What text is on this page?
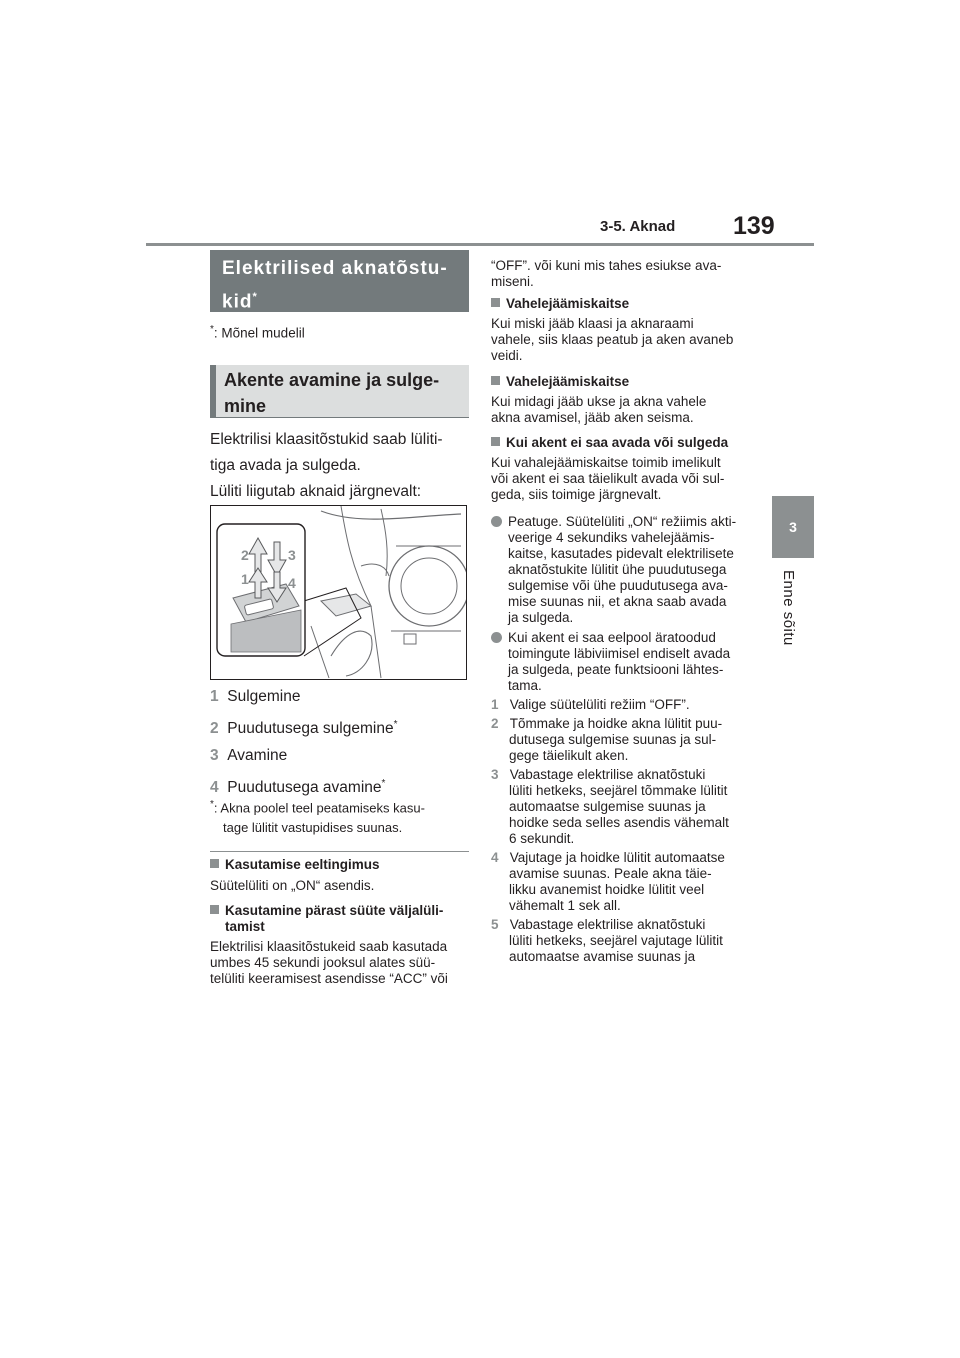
3-5. Aknad 139
3
Enne sõitu
Elektrilised aknatõstu-
kid*
*: Mõnel mudelil
Akente avamine ja sulge-
mine

Elektrilisi klaasitõstukid saab lüliti-

tiga avada ja sulgeda.

Lüliti liigutab aknaid järgnevalt:

2	3
1	4

1 Sulgemine

2 Puudutusega sulgemine*

3 Avamine

4 Puudutusega avamine*

*: Akna poolel teel peatamiseks kasu-

tage lülitit vastupidises suunas.

Kasutamise eeltingimus

Süütelüliti on „ON“ asendis.

Kasutamine pärast süüte väljalüli-

tamist

Elektrilisi klaasitõstukeid saab kasutada

umbes 45 sekundi jooksul alates süü-

telüliti keeramisest asendisse “ACC” või

“OFF”. või kuni mis tahes esiukse ava-

miseni.

Vahelejäämiskaitse

Kui miski jääb klaasi ja aknaraami

vahele, siis klaas peatub ja aken avaneb

veidi.

Vahelejäämiskaitse

Kui midagi jääb ukse ja akna vahele

akna avamisel, jääb aken seisma.

Kui akent ei saa avada või sulgeda

Kui vahalejäämiskaitse toimib imelikult

või akent ei saa täielikult avada või sul-

geda, siis toimige järgnevalt.

Peatuge. Süütelüliti „ON“ režiimis akti-

veerige 4 sekundiks vahelejäämis-

kaitse, kasutades pidevalt elektrilisete

aknatõstukite lülitit ühe puudutusega

sulgemise või ühe puudutusega ava-

mise suunas nii, et akna saab avada

ja sulgeda.

Kui akent ei saa eelpool äratoodud

toimingute läbiviimisel endiselt avada

ja sulgeda, peate funktsiooni lähtes-

tama.

1 Valige süütelüliti režiim “OFF”.

2 Tõmmake ja hoidke akna lülitit puu-

dutusega sulgemise suunas ja sul-

gege täielikult aken.

3 Vabastage elektrilise aknatõstuki

lüliti hetkeks, seejärel tõmmake lülitit

automaatse sulgemise suunas ja

hoidke seda selles asendis vähemalt

6 sekundit.

4 Vajutage ja hoidke lülitit automaatse

avamise suunas. Peale akna täie-

likku avanemist hoidke lülitit veel

vähemalt 1 sek all.

5 Vabastage elektrilise aknatõstuki

lüliti hetkeks, seejärel vajutage lülitit

automaatse avamise suunas ja
